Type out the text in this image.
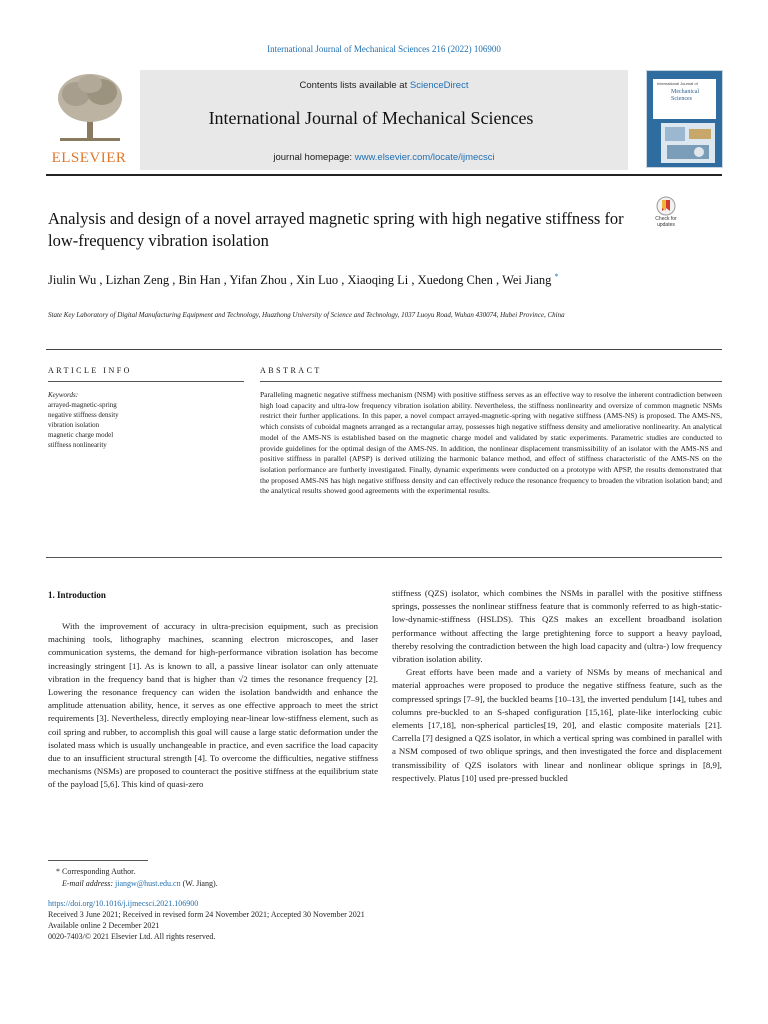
International Journal of Mechanical Sciences 216 (2022) 106900
ELSEVIER
Contents lists available at ScienceDirect
International Journal of Mechanical Sciences
journal homepage: www.elsevier.com/locate/ijmecsci
International Journal of
Mechanical
Sciences
Analysis and design of a novel arrayed magnetic spring with high negative stiffness for low-frequency vibration isolation
Check for
updates
Jiulin Wu , Lizhan Zeng , Bin Han , Yifan Zhou , Xin Luo , Xiaoqing Li , Xuedong Chen , Wei Jiang *
State Key Laboratory of Digital Manufacturing Equipment and Technology, Huazhong University of Science and Technology, 1037 Luoyu Road, Wuhan 430074, Hubei Province, China
ARTICLE INFO	ABSTRACT
Keywords:
arrayed-magnetic-spring
negative stiffness density
vibration isolation
magnetic charge model
stiffness nonlinearity
Paralleling magnetic negative stiffness mechanism (NSM) with positive stiffness serves as an effective way to resolve the inherent contradiction between high load capacity and ultra-low frequency vibration isolation ability. Nevertheless, the stiffness nonlinearity and oversize of common magnetic NSMs restrict their further applications. In this paper, a novel compact arrayed-magnetic-spring with negative stiffness (AMS-NS) is proposed. The AMS-NS, which consists of cuboidal magnets arranged as a rectangular array, possesses high negative stiffness density and ameliorative nonlinearity. An analytical model of the AMS-NS is established based on the magnetic charge model and validated by static experiments. Parametric studies are conducted to provide guidelines for the optimal design of the AMS-NS. In addition, the nonlinear displacement transmissibility of an isolator with the AMS-NS and positive stiffness in parallel (APSP) is derived utilizing the harmonic balance method, and effect of stiffness characteristic of the AMS-NS on the isolation performance are furtherly investigated. Finally, dynamic experiments were conducted on a prototype with APSP, the results demonstrated that the proposed AMS-NS has high negative stiffness density and can effectively reduce the resonance frequency to broaden the vibration isolation band; and the analytical results showed good agreements with the experimental results.
1. Introduction

With the improvement of accuracy in ultra-precision equipment, such as precision machining tools, lithography machines, scanning electron microscopes, and laser communication systems, the demand for high-performance vibration isolation has become increasingly stringent [1]. As is known to all, a passive linear isolator can only attenuate vibration in the frequency band that is higher than √2 times the resonance frequency [2]. Lowering the resonance frequency can widen the isolation bandwidth and enhance the amplitude attenuation ability, hence, it serves as one effective approach to meet the strict requirements [3]. Nevertheless, directly employing near-linear low-stiffness element, such as coil spring and rubber, to accomplish this goal will cause a large static deformation under the isolated mass which is usually unchangeable in practice, and even sacrifice the load capacity due to an insufficient structural strength [4]. To overcome the difficulties, negative stiffness mechanisms (NSMs) are proposed to counteract the positive stiffness at the equilibrium state of the payload [5,6]. This kind of quasi-zero

stiffness (QZS) isolator, which combines the NSMs in parallel with the positive stiffness springs, possesses the nonlinear stiffness feature that is commonly referred to as high-static-low-dynamic-stiffness (HSLDS). This QZS makes an excellent broadband isolation performance without affecting the large pretightening force to support a heavy payload, thereby resolving the contradiction between the high load capacity and (ultra-) low frequency vibration isolation ability.

Great efforts have been made and a variety of NSMs by means of mechanical and material approaches were proposed to produce the negative stiffness feature, such as the compressed springs [7–9], the buckled beams [10–13], the inverted pendulum [14], tubes and columns pre-buckled to an S-shaped configuration [15,16], plate-like interlocking cubic elements [17,18], non-spherical particles[19, 20], and elastic composite materials [21]. Carrella [7] designed a QZS isolator, in which a vertical spring was combined in parallel with a NSM composed of two oblique springs, and then investigated the force and displacement transmissibility of QZS isolators with linear and nonlinear oblique springs in [8,9], respectively. Platus [10] used pre-pressed buckled

* Corresponding Author.
E-mail address: jiangw@hust.edu.cn (W. Jiang).
https://doi.org/10.1016/j.ijmecsci.2021.106900
Received 3 June 2021; Received in revised form 24 November 2021; Accepted 30 November 2021
Available online 2 December 2021
0020-7403/© 2021 Elsevier Ltd. All rights reserved.
